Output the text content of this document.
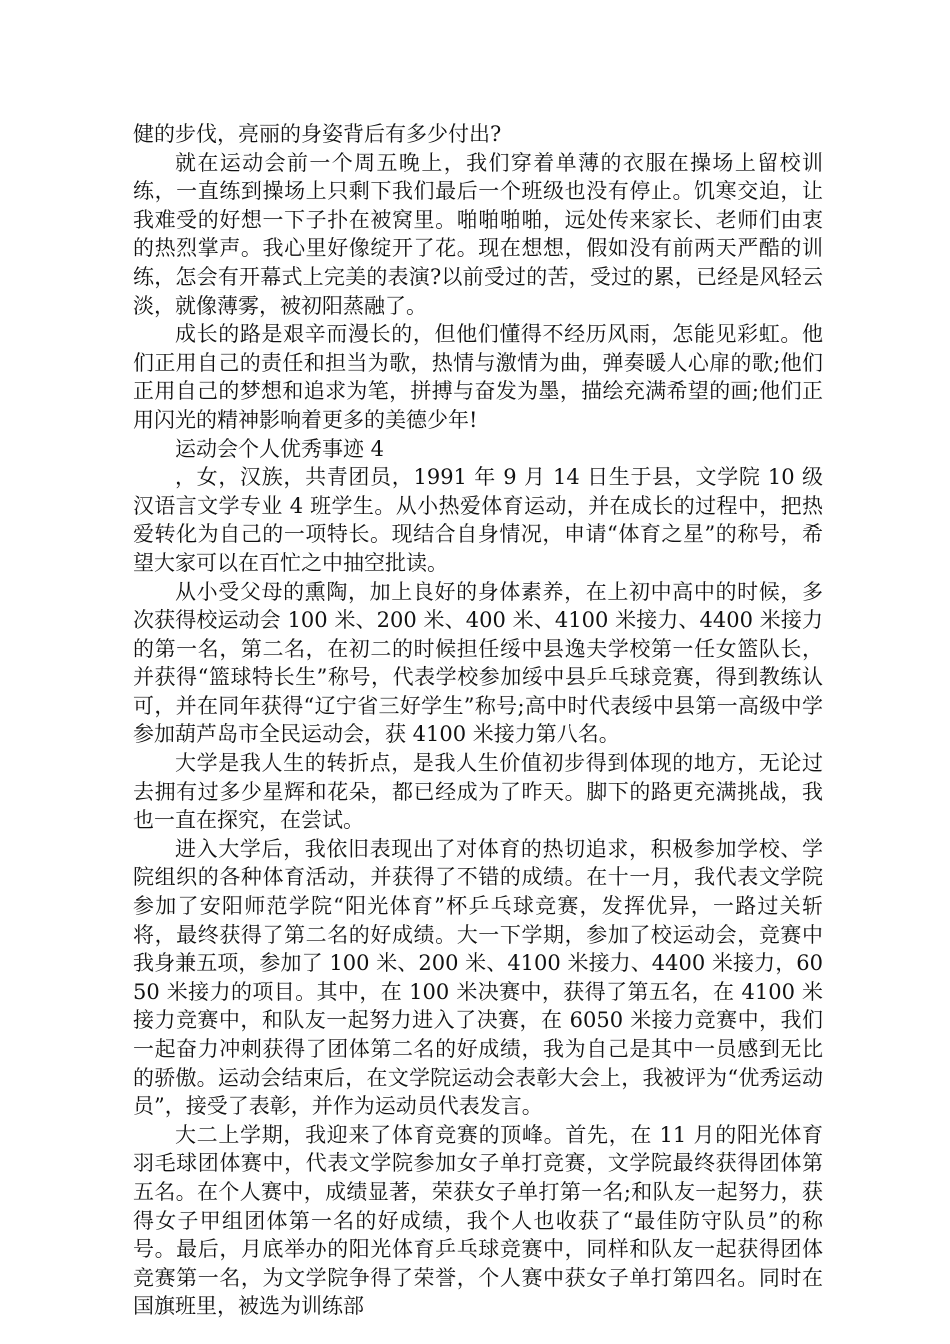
健的步伐，亮丽的身姿背后有多少付出?

就在运动会前一个周五晚上，我们穿着单薄的衣服在操场上留校训练，一直练到操场上只剩下我们最后一个班级也没有停止。饥寒交迫，让我难受的好想一下子扑在被窝里。啪啪啪啪，远处传来家长、老师们由衷的热烈掌声。我心里好像绽开了花。现在想想，假如没有前两天严酷的训练，怎会有开幕式上完美的表演?以前受过的苦，受过的累，已经是风轻云淡，就像薄雾，被初阳蒸融了。

成长的路是艰辛而漫长的，但他们懂得不经历风雨，怎能见彩虹。他们正用自己的责任和担当为歌，热情与激情为曲，弹奏暖人心扉的歌;他们正用自己的梦想和追求为笔，拼搏与奋发为墨，描绘充满希望的画;他们正用闪光的精神影响着更多的美德少年!

运动会个人优秀事迹 4

，女，汉族，共青团员，1991 年 9 月 14 日生于县，文学院 10 级汉语言文学专业 4 班学生。从小热爱体育运动，并在成长的过程中，把热爱转化为自己的一项特长。现结合自身情况，申请“体育之星”的称号，希望大家可以在百忙之中抽空批读。

从小受父母的熏陶，加上良好的身体素养，在上初中高中的时候，多次获得校运动会 100 米、200 米、400 米、4100 米接力、4400 米接力的第一名，第二名，在初二的时候担任绥中县逸夫学校第一任女篮队长，并获得“篮球特长生”称号，代表学校参加绥中县乒乓球竞赛，得到教练认可，并在同年获得“辽宁省三好学生”称号;高中时代表绥中县第一高级中学参加葫芦岛市全民运动会，获 4100 米接力第八名。

大学是我人生的转折点，是我人生价值初步得到体现的地方，无论过去拥有过多少星辉和花朵，都已经成为了昨天。脚下的路更充满挑战，我也一直在探究，在尝试。

进入大学后，我依旧表现出了对体育的热切追求，积极参加学校、学院组织的各种体育活动，并获得了不错的成绩。在十一月，我代表文学院参加了安阳师范学院“阳光体育”杯乒乓球竞赛，发挥优异，一路过关斩将，最终获得了第二名的好成绩。大一下学期，参加了校运动会，竞赛中我身兼五项，参加了 100 米、200 米、4100 米接力、4400 米接力，6050 米接力的项目。其中，在 100 米决赛中，获得了第五名，在 4100 米接力竞赛中，和队友一起努力进入了决赛，在 6050 米接力竞赛中，我们一起奋力冲刺获得了团体第二名的好成绩，我为自己是其中一员感到无比的骄傲。运动会结束后，在文学院运动会表彰大会上，我被评为“优秀运动员”，接受了表彰，并作为运动员代表发言。

大二上学期，我迎来了体育竞赛的顶峰。首先，在 11 月的阳光体育羽毛球团体赛中，代表文学院参加女子单打竞赛，文学院最终获得团体第五名。在个人赛中，成绩显著，荣获女子单打第一名;和队友一起努力，获得女子甲组团体第一名的好成绩，我个人也收获了“最佳防守队员”的称号。最后，月底举办的阳光体育乒乓球竞赛中，同样和队友一起获得团体竞赛第一名，为文学院争得了荣誉，个人赛中获女子单打第四名。同时在国旗班里，被选为训练部
